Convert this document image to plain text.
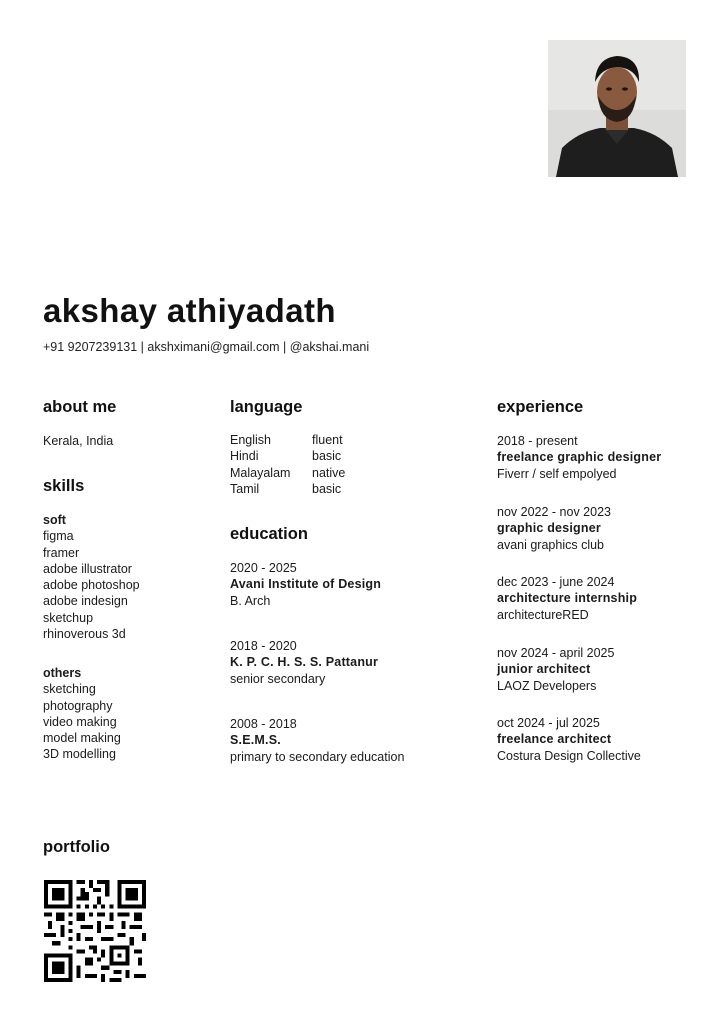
akshay athiyadath
+91 9207239131 | akshximani@gmail.com | @akshai.mani
about me
Kerala, India
skills
soft
figma
framer
adobe illustrator
adobe photoshop
adobe indesign
sketchup
rhinoverous 3d
others
sketching
photography
video making
model making
3D modelling
language
English	fluent
Hindi	basic
Malayalam	native
Tamil	basic
education
2020 - 2025
Avani Institute of Design
B. Arch
2018 - 2020
K. P. C. H. S. S. Pattanur
senior secondary
2008 - 2018
S.E.M.S.
primary to secondary education
experience
2018 - present
freelance graphic designer
Fiverr / self empolyed
nov 2022 - nov 2023
graphic designer
avani graphics club
dec 2023 - june 2024
architecture internship
architectureRED
nov 2024 - april 2025
junior architect
LAOZ Developers
oct 2024 - jul 2025
freelance architect
Costura Design Collective
portfolio
